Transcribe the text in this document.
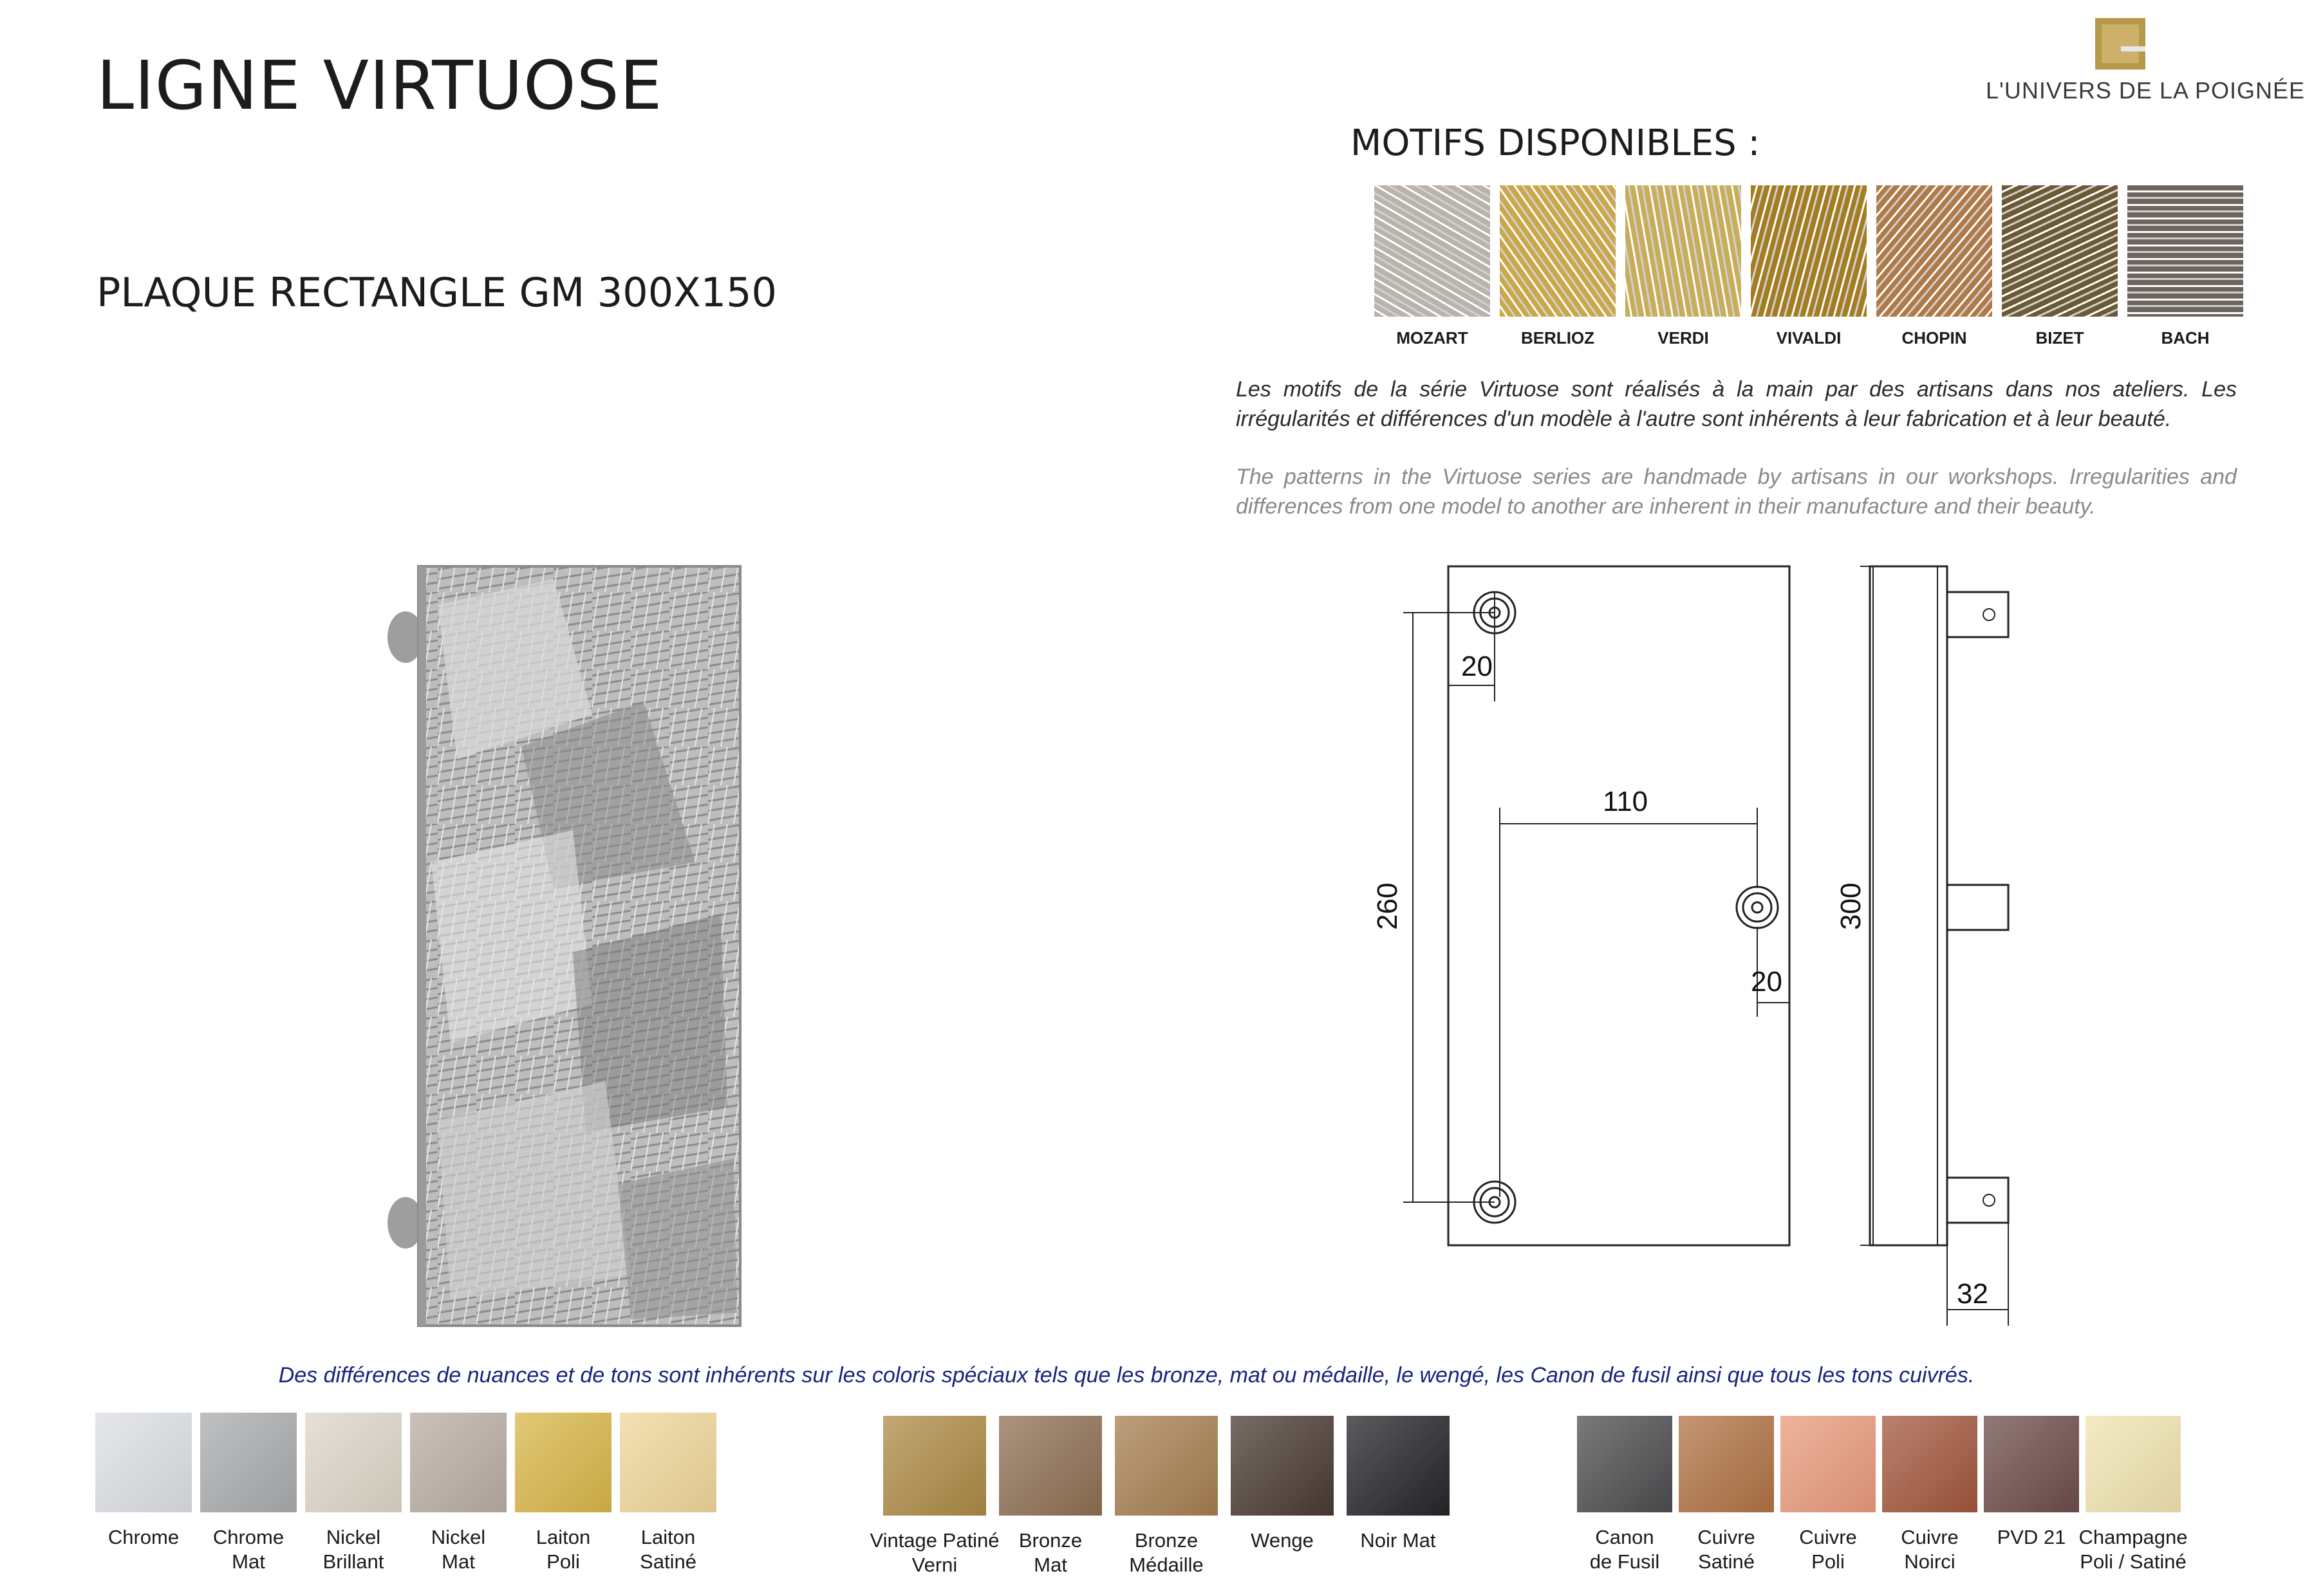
LIGNE VIRTUOSE
PLAQUE RECTANGLE GM 300X150
L'UNIVERS DE LA POIGNÉE
MOTIFS DISPONIBLES :
MOZART	BERLIOZ	VERDI	VIVALDI	CHOPIN	BIZET	BACH
Les motifs de la série Virtuose sont réalisés à la main par des artisans dans nos ateliers. Les irrégularités et différences d'un modèle à l'autre sont inhérents à leur fabrication et à leur beauté.
The patterns in the Virtuose series are handmade by artisans in our workshops. Irregularities and differences from one model to another are inherent in their manufacture and their beauty.
20
110
20
260	300
32
Des différences de nuances et de tons sont inhérents sur les coloris spéciaux tels que les bronze, mat ou médaille, le wengé, les Canon de fusil ainsi que tous les tons cuivrés.
Chrome	Chrome
Mat
Nickel
Brillant
Nickel
Mat
Laiton
Poli
Laiton
Satiné
Vintage Patiné
Verni
Bronze
Mat
Bronze
Médaille
Wenge	Noir Mat	Canon
de Fusil
Cuivre
Satiné
Cuivre
Poli
Cuivre
Noirci
PVD 21 Champagne
Poli / Satiné
